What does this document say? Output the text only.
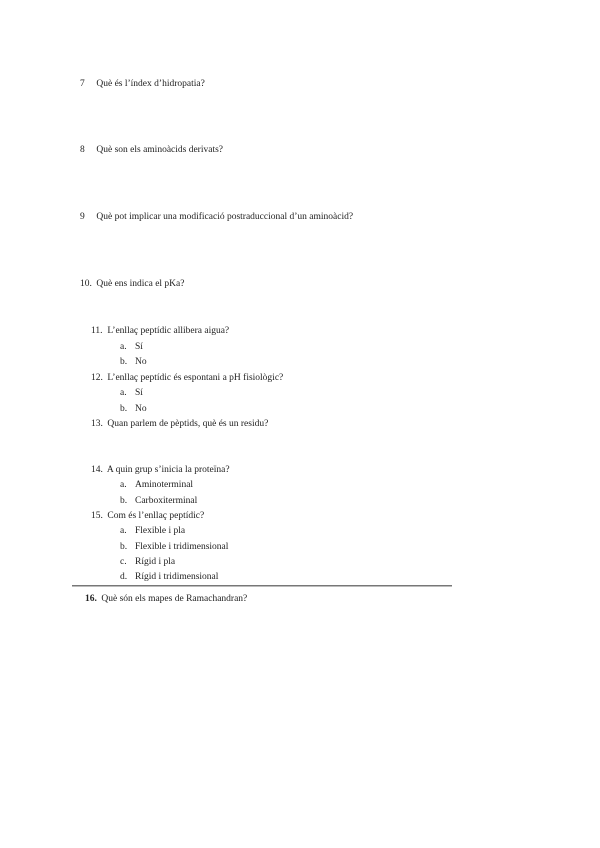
7 Què és l’índex d’hidropatia?
8 Què son els aminoàcids derivats?
9 Què pot implicar una modificació postraduccional d’un aminoàcid?
10. Què ens indica el pKa?
11. L’enllaç peptídic allibera aigua?
a. Sí
b. No
12. L’enllaç peptídic és espontani a pH fisiològic?
a. Sí
b. No
13. Quan parlem de pèptids, què és un residu?
14. A quin grup s’inicia la proteïna?
a. Aminoterminal
b. Carboxiterminal
15. Com és l’enllaç peptídic?
a. Flexible i pla
b. Flexible i tridimensional
c. Rígid i pla
d. Rígid i tridimensional
16. Què són els mapes de Ramachandran?
